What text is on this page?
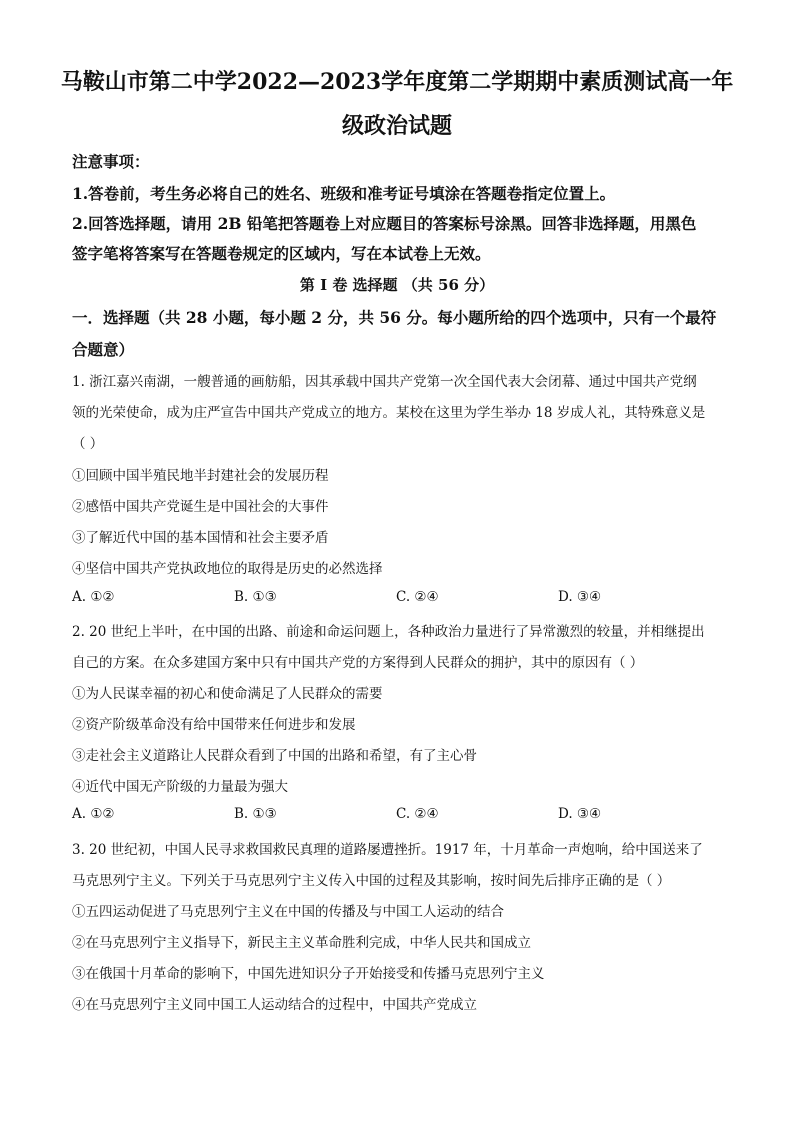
马鞍山市第二中学2022—2023学年度第二学期期中素质测试高一年
级政治试题
注意事项：
1.答卷前，考生务必将自己的姓名、班级和准考证号填涂在答题卷指定位置上。
2.回答选择题，请用 2B 铅笔把答题卷上对应题目的答案标号涂黑。回答非选择题，用黑色
签字笔将答案写在答题卷规定的区域内，写在本试卷上无效。
第 I 卷 选择题 （共 56 分）
一．选择题（共 28 小题，每小题 2 分，共 56 分。每小题所给的四个选项中，只有一个最符
合题意）
1. 浙江嘉兴南湖，一艘普通的画舫船，因其承载中国共产党第一次全国代表大会闭幕、通过中国共产党纲
领的光荣使命，成为庄严宣告中国共产党成立的地方。某校在这里为学生举办 18 岁成人礼，其特殊意义是
（ ）
①回顾中国半殖民地半封建社会的发展历程
②感悟中国共产党诞生是中国社会的大事件
③了解近代中国的基本国情和社会主要矛盾
④坚信中国共产党执政地位的取得是历史的必然选择
A. ①②	B. ①③	C. ②④	D. ③④
2. 20 世纪上半叶，在中国的出路、前途和命运问题上，各种政治力量进行了异常激烈的较量，并相继提出
自己的方案。在众多建国方案中只有中国共产党的方案得到人民群众的拥护，其中的原因有（ ）
①为人民谋幸福的初心和使命满足了人民群众的需要
②资产阶级革命没有给中国带来任何进步和发展
③走社会主义道路让人民群众看到了中国的出路和希望，有了主心骨
④近代中国无产阶级的力量最为强大
A. ①②	B. ①③	C. ②④	D. ③④
3. 20 世纪初，中国人民寻求救国救民真理的道路屡遭挫折。1917 年，十月革命一声炮响，给中国送来了
马克思列宁主义。下列关于马克思列宁主义传入中国的过程及其影响，按时间先后排序正确的是（ ）
①五四运动促进了马克思列宁主义在中国的传播及与中国工人运动的结合
②在马克思列宁主义指导下，新民主主义革命胜利完成，中华人民共和国成立
③在俄国十月革命的影响下，中国先进知识分子开始接受和传播马克思列宁主义
④在马克思列宁主义同中国工人运动结合的过程中，中国共产党成立
